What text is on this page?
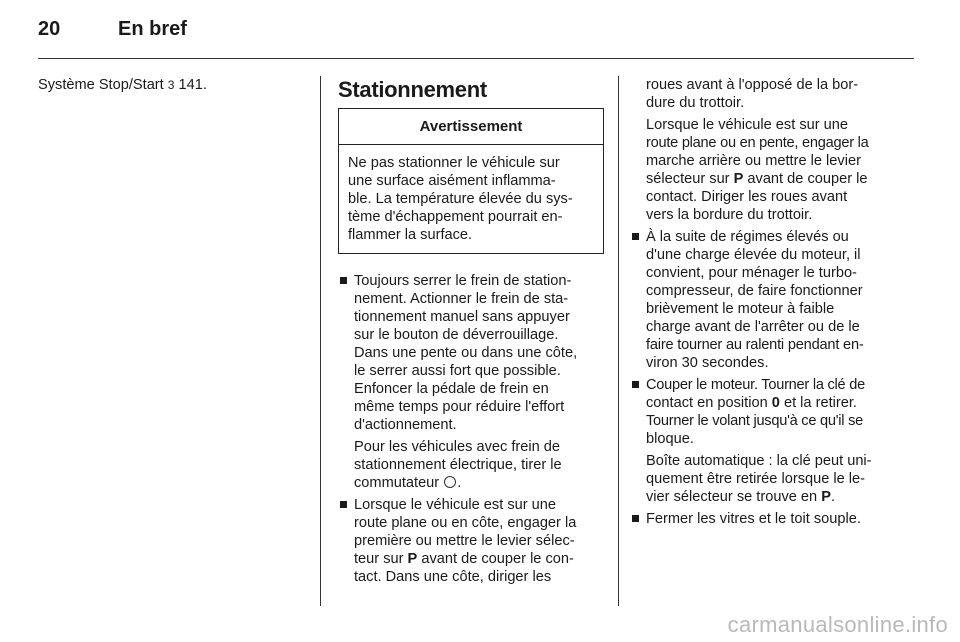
20	En bref

Système Stop/Start 3 141.	Stationnement
Avertissement
Ne pas stationner le véhicule sur
une surface aisément inflamma-
ble. La température élevée du sys-
tème d'échappement pourrait en-
flammer la surface.
Toujours serrer le frein de station-
nement. Actionner le frein de sta-
tionnement manuel sans appuyer
sur le bouton de déverrouillage.
Dans une pente ou dans une côte,
le serrer aussi fort que possible.
Enfoncer la pédale de frein en
même temps pour réduire l'effort
d'actionnement.
Pour les véhicules avec frein de
stationnement électrique, tirer le
commutateur .
Lorsque le véhicule est sur une
route plane ou en côte, engager la
première ou mettre le levier sélec-
teur sur P avant de couper le con-
tact. Dans une côte, diriger les
roues avant à l'opposé de la bor-
dure du trottoir.
Lorsque le véhicule est sur une
route plane ou en pente, engager la
marche arrière ou mettre le levier
sélecteur sur P avant de couper le
contact. Diriger les roues avant
vers la bordure du trottoir.
À la suite de régimes élevés ou
d'une charge élevée du moteur, il
convient, pour ménager le turbo-
compresseur, de faire fonctionner
brièvement le moteur à faible
charge avant de l'arrêter ou de le
faire tourner au ralenti pendant en-
viron 30 secondes.
Couper le moteur. Tourner la clé de
contact en position 0 et la retirer.
Tourner le volant jusqu'à ce qu'il se
bloque.
Boîte automatique : la clé peut uni-
quement être retirée lorsque le le-
vier sélecteur se trouve en P.
Fermer les vitres et le toit souple.
carmanualsonline.info
